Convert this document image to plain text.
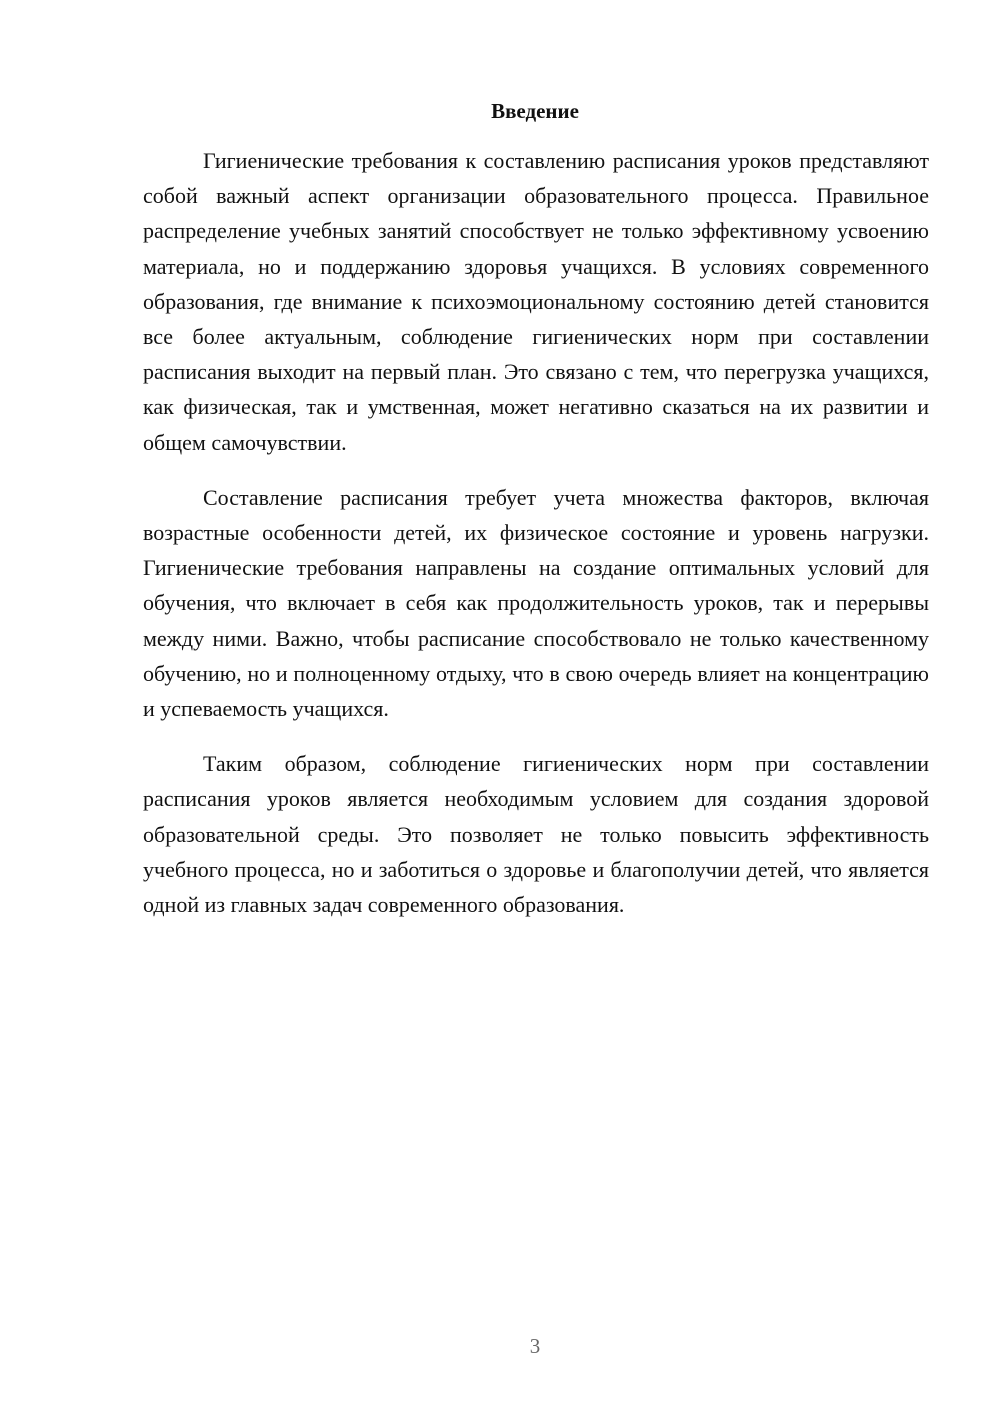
Введение

Гигиенические требования к составлению расписания уроков представляют собой важный аспект организации образовательного процесса. Правильное распределение учебных занятий способствует не только эффективному усвоению материала, но и поддержанию здоровья учащихся. В условиях современного образования, где внимание к психоэмоциональному состоянию детей становится все более актуальным, соблюдение гигиенических норм при составлении расписания выходит на первый план. Это связано с тем, что перегрузка учащихся, как физическая, так и умственная, может негативно сказаться на их развитии и общем самочувствии.

Составление расписания требует учета множества факторов, включая возрастные особенности детей, их физическое состояние и уровень нагрузки. Гигиенические требования направлены на создание оптимальных условий для обучения, что включает в себя как продолжительность уроков, так и перерывы между ними. Важно, чтобы расписание способствовало не только качественному обучению, но и полноценному отдыху, что в свою очередь влияет на концентрацию и успеваемость учащихся.

Таким образом, соблюдение гигиенических норм при составлении расписания уроков является необходимым условием для создания здоровой образовательной среды. Это позволяет не только повысить эффективность учебного процесса, но и заботиться о здоровье и благополучии детей, что является одной из главных задач современного образования.

3
